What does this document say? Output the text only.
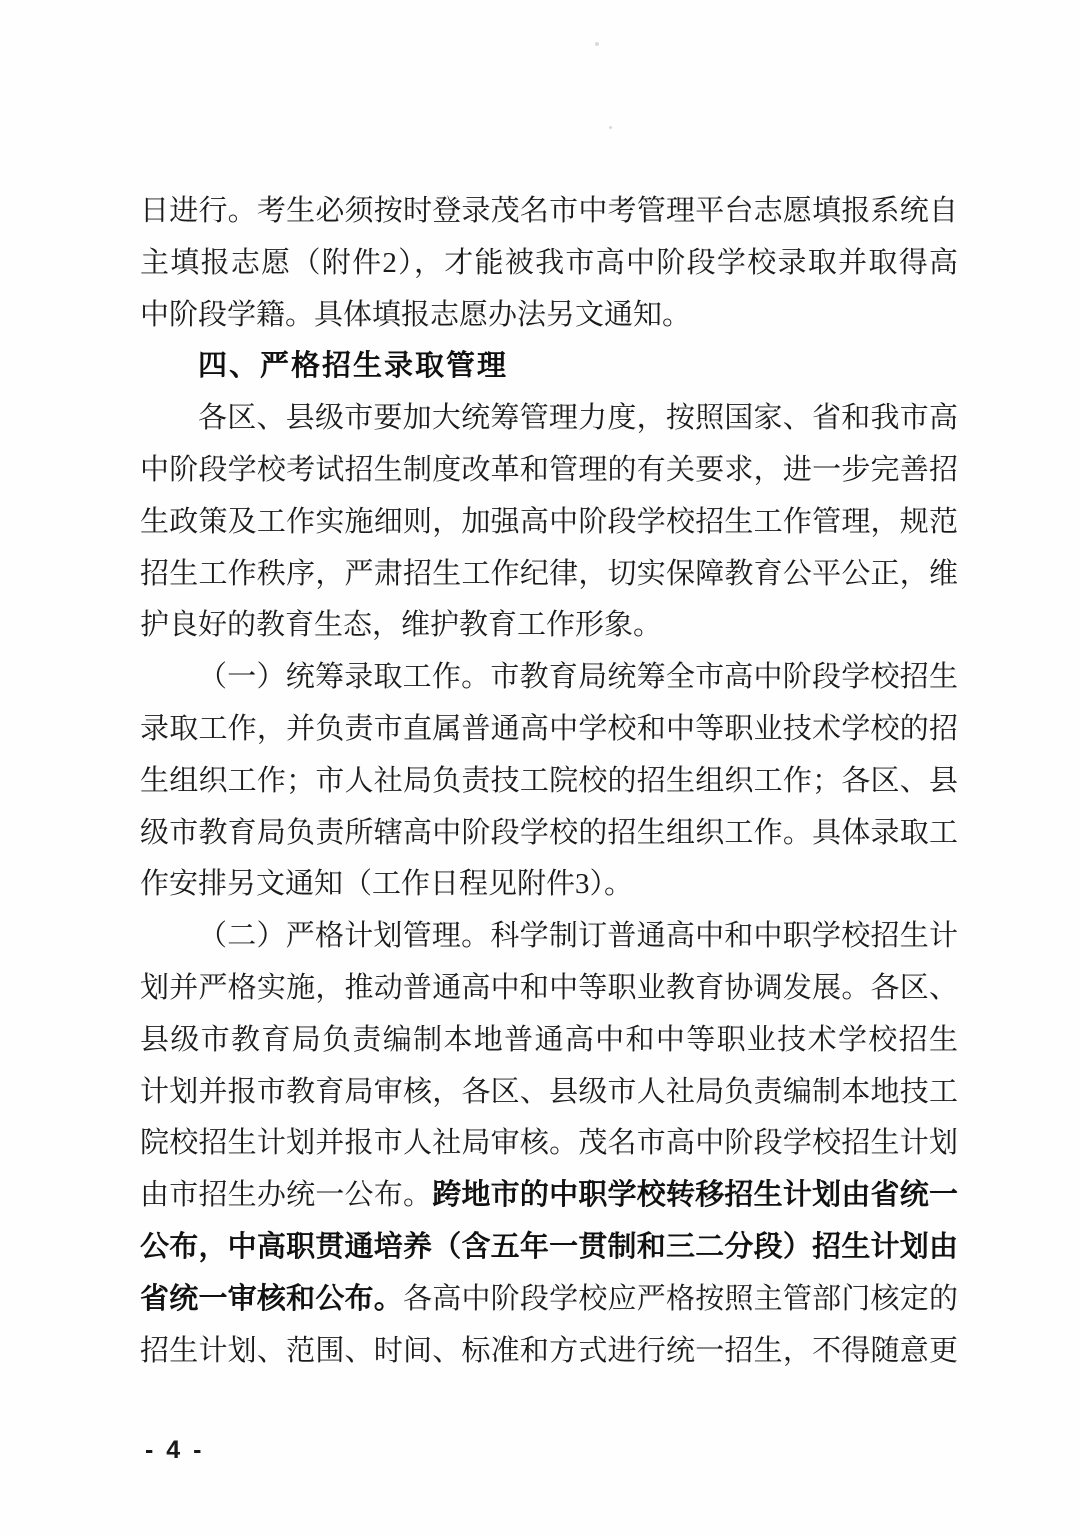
日进行。考生必须按时登录茂名市中考管理平台志愿填报系统自
主填报志愿（附件2），才能被我市高中阶段学校录取并取得高
中阶段学籍。具体填报志愿办法另文通知。
四、严格招生录取管理
各区、县级市要加大统筹管理力度，按照国家、省和我市高
中阶段学校考试招生制度改革和管理的有关要求，进一步完善招
生政策及工作实施细则，加强高中阶段学校招生工作管理，规范
招生工作秩序，严肃招生工作纪律，切实保障教育公平公正，维
护良好的教育生态，维护教育工作形象。
（一）统筹录取工作。市教育局统筹全市高中阶段学校招生
录取工作，并负责市直属普通高中学校和中等职业技术学校的招
生组织工作；市人社局负责技工院校的招生组织工作；各区、县
级市教育局负责所辖高中阶段学校的招生组织工作。具体录取工
作安排另文通知（工作日程见附件3）。
（二）严格计划管理。科学制订普通高中和中职学校招生计
划并严格实施，推动普通高中和中等职业教育协调发展。各区、
县级市教育局负责编制本地普通高中和中等职业技术学校招生
计划并报市教育局审核，各区、县级市人社局负责编制本地技工
院校招生计划并报市人社局审核。茂名市高中阶段学校招生计划
由市招生办统一公布。跨地市的中职学校转移招生计划由省统一
公布，中高职贯通培养（含五年一贯制和三二分段）招生计划由
省统一审核和公布。各高中阶段学校应严格按照主管部门核定的
招生计划、范围、时间、标准和方式进行统一招生，不得随意更
- 4 -
